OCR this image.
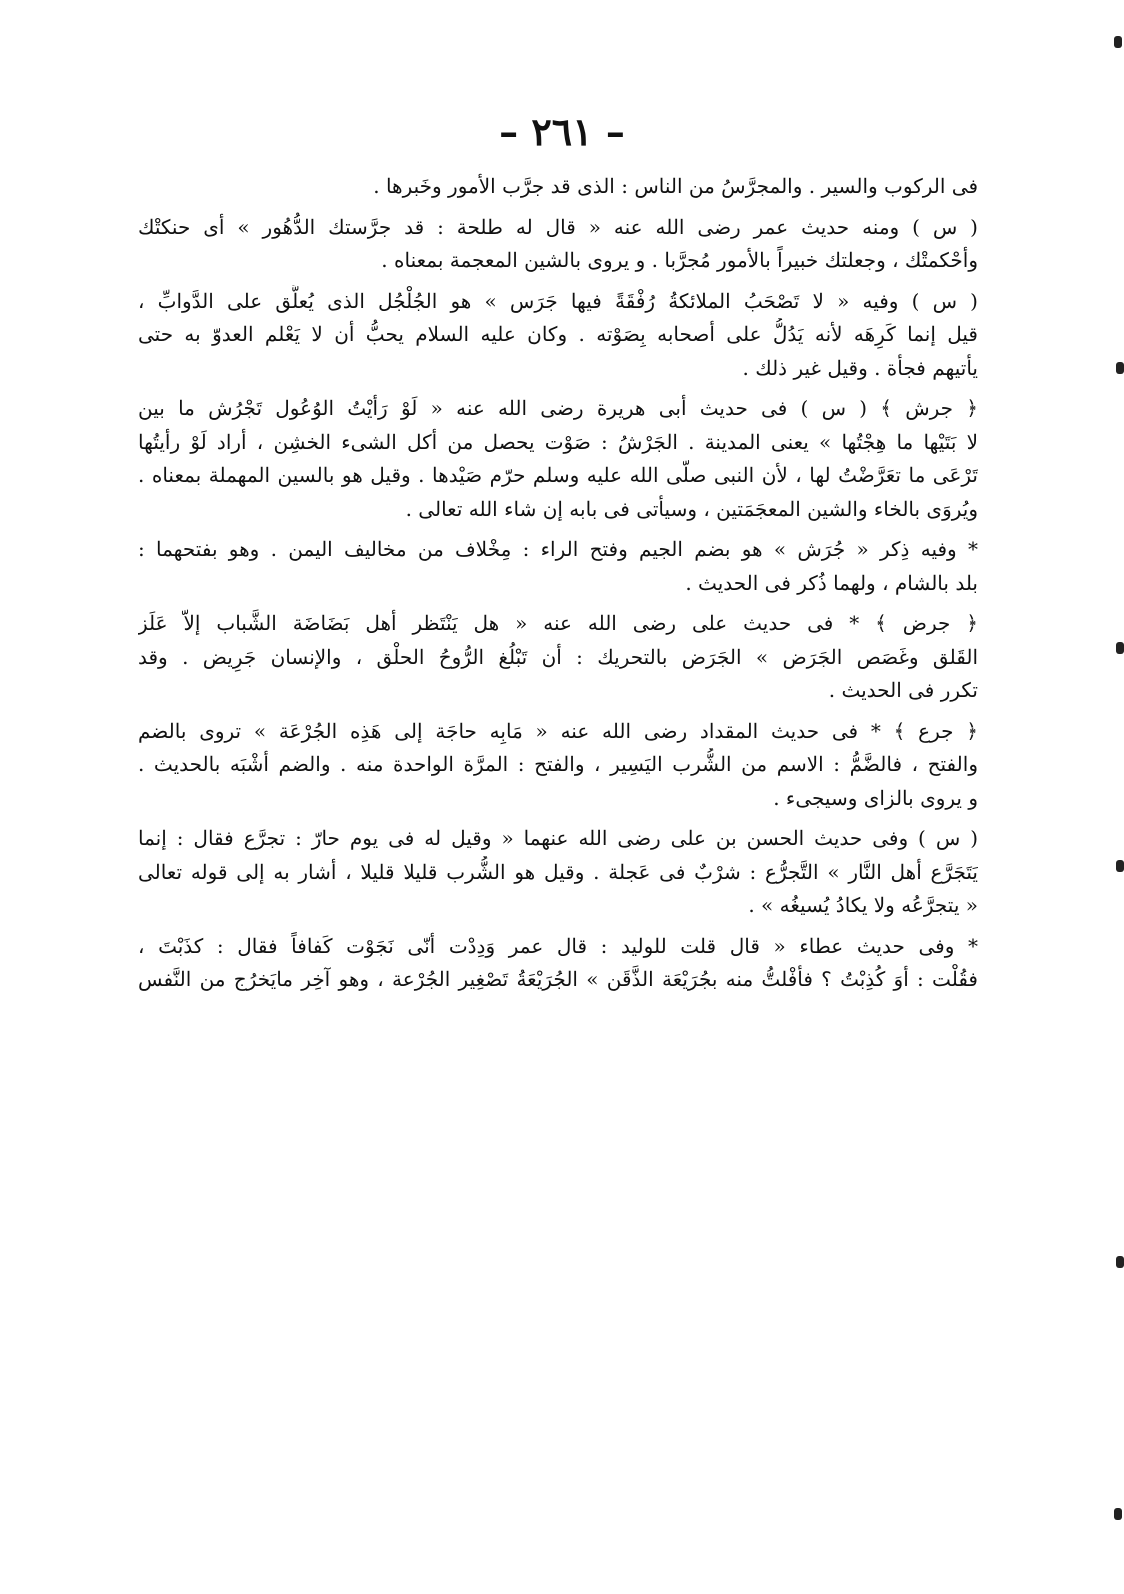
– ٢٦١ –
فى الركوب والسير . والمجرَّسُ من الناس : الذى قد جرَّب الأمور وخَبرها .
( س ) ومنه حديث عمر رضى الله عنه « قال له طلحة : قد جرَّستك الدُّهُور » أى حنكتْك
وأحْكمتْك ، وجعلتك خبيراً بالأمور مُجرَّبا . و يروى بالشين المعجمة بمعناه .
( س ) وفيه « لا تَصْحَبُ الملائكةُ رُفْقَةً فيها جَرَس » هو الجُلْجُل الذى يُعلَّق على الدَّوابِّ ،
قيل إنما كَرِهَه لأنه يَدُلُّ على أصحابه بِصَوْته . وكان عليه السلام يحبُّ أن لا يَعْلم العدوّ به حتى
يأتيهم فجأة . وقيل غير ذلك .
﴿ جرش ﴾ ( س ) فى حديث أبى هريرة رضى الله عنه « لَوْ رَأيْتُ الوُعُول تَجْرُش ما بين
لا بَتَيْها ما هِجْتُها » يعنى المدينة . الجَرْشُ : صَوْت يحصل من أكل الشىء الخشِن ، أراد لَوْ رأيتُها
تَرْعَى ما تعَرَّضْتُ لها ، لأن النبى صلّى الله عليه وسلم حرّم صَيْدها . وقيل هو بالسين المهملة بمعناه .
ويُروَى بالخاء والشين المعجَمَتين ، وسيأتى فى بابه إن شاء الله تعالى .
* وفيه ذِكر « جُرَش » هو بضم الجيم وفتح الراء : مِخْلاف من مخاليف اليمن . وهو بفتحهما :
بلد بالشام ، ولهما ذُكر فى الحديث .
﴿ جرض ﴾ * فى حديث على رضى الله عنه « هل يَنْتَظر أهل بَضَاضَة الشَّباب إلاّ عَلَز
القَلق وغَصَص الجَرَض » الجَرَض بالتحريك : أن تَبْلُغ الرُّوحُ الحلْق ، والإنسان جَرِيض . وقد
تكرر فى الحديث .
﴿ جرع ﴾ * فى حديث المقداد رضى الله عنه « مَابِه حاجَة إلى هَذِه الجُرْعَة » تروى بالضم
والفتح ، فالضَّمُّ : الاسم من الشُّرب اليَسِير ، والفتح : المرَّة الواحدة منه . والضم أشْبَه بالحديث .
و يروى بالزاى وسيجىء .
( س ) وفى حديث الحسن بن على رضى الله عنهما « وقيل له فى يوم حارّ : تجرَّع فقال : إنما
يَتَجَرَّع أهل النَّار » التَّجرُّع : شرْبٌ فى عَجلة . وقيل هو الشُّرب قليلا قليلا ، أشار به إلى قوله تعالى
« يتجرَّعُه ولا يكادُ يُسيغُه » .
* وفى حديث عطاء « قال قلت للوليد : قال عمر وَدِدْت أنّى نَجَوْت كَفافاً فقال : كذَبْتَ ،
فقُلْت : أوَ كُذِبْتُ ؟ فأفْلتُّ منه بجُرَيْعَة الذَّقَن » الجُرَيْعَةُ تَصْغِير الجُرْعة ، وهو آخِر مايَخرُج من النَّفس
